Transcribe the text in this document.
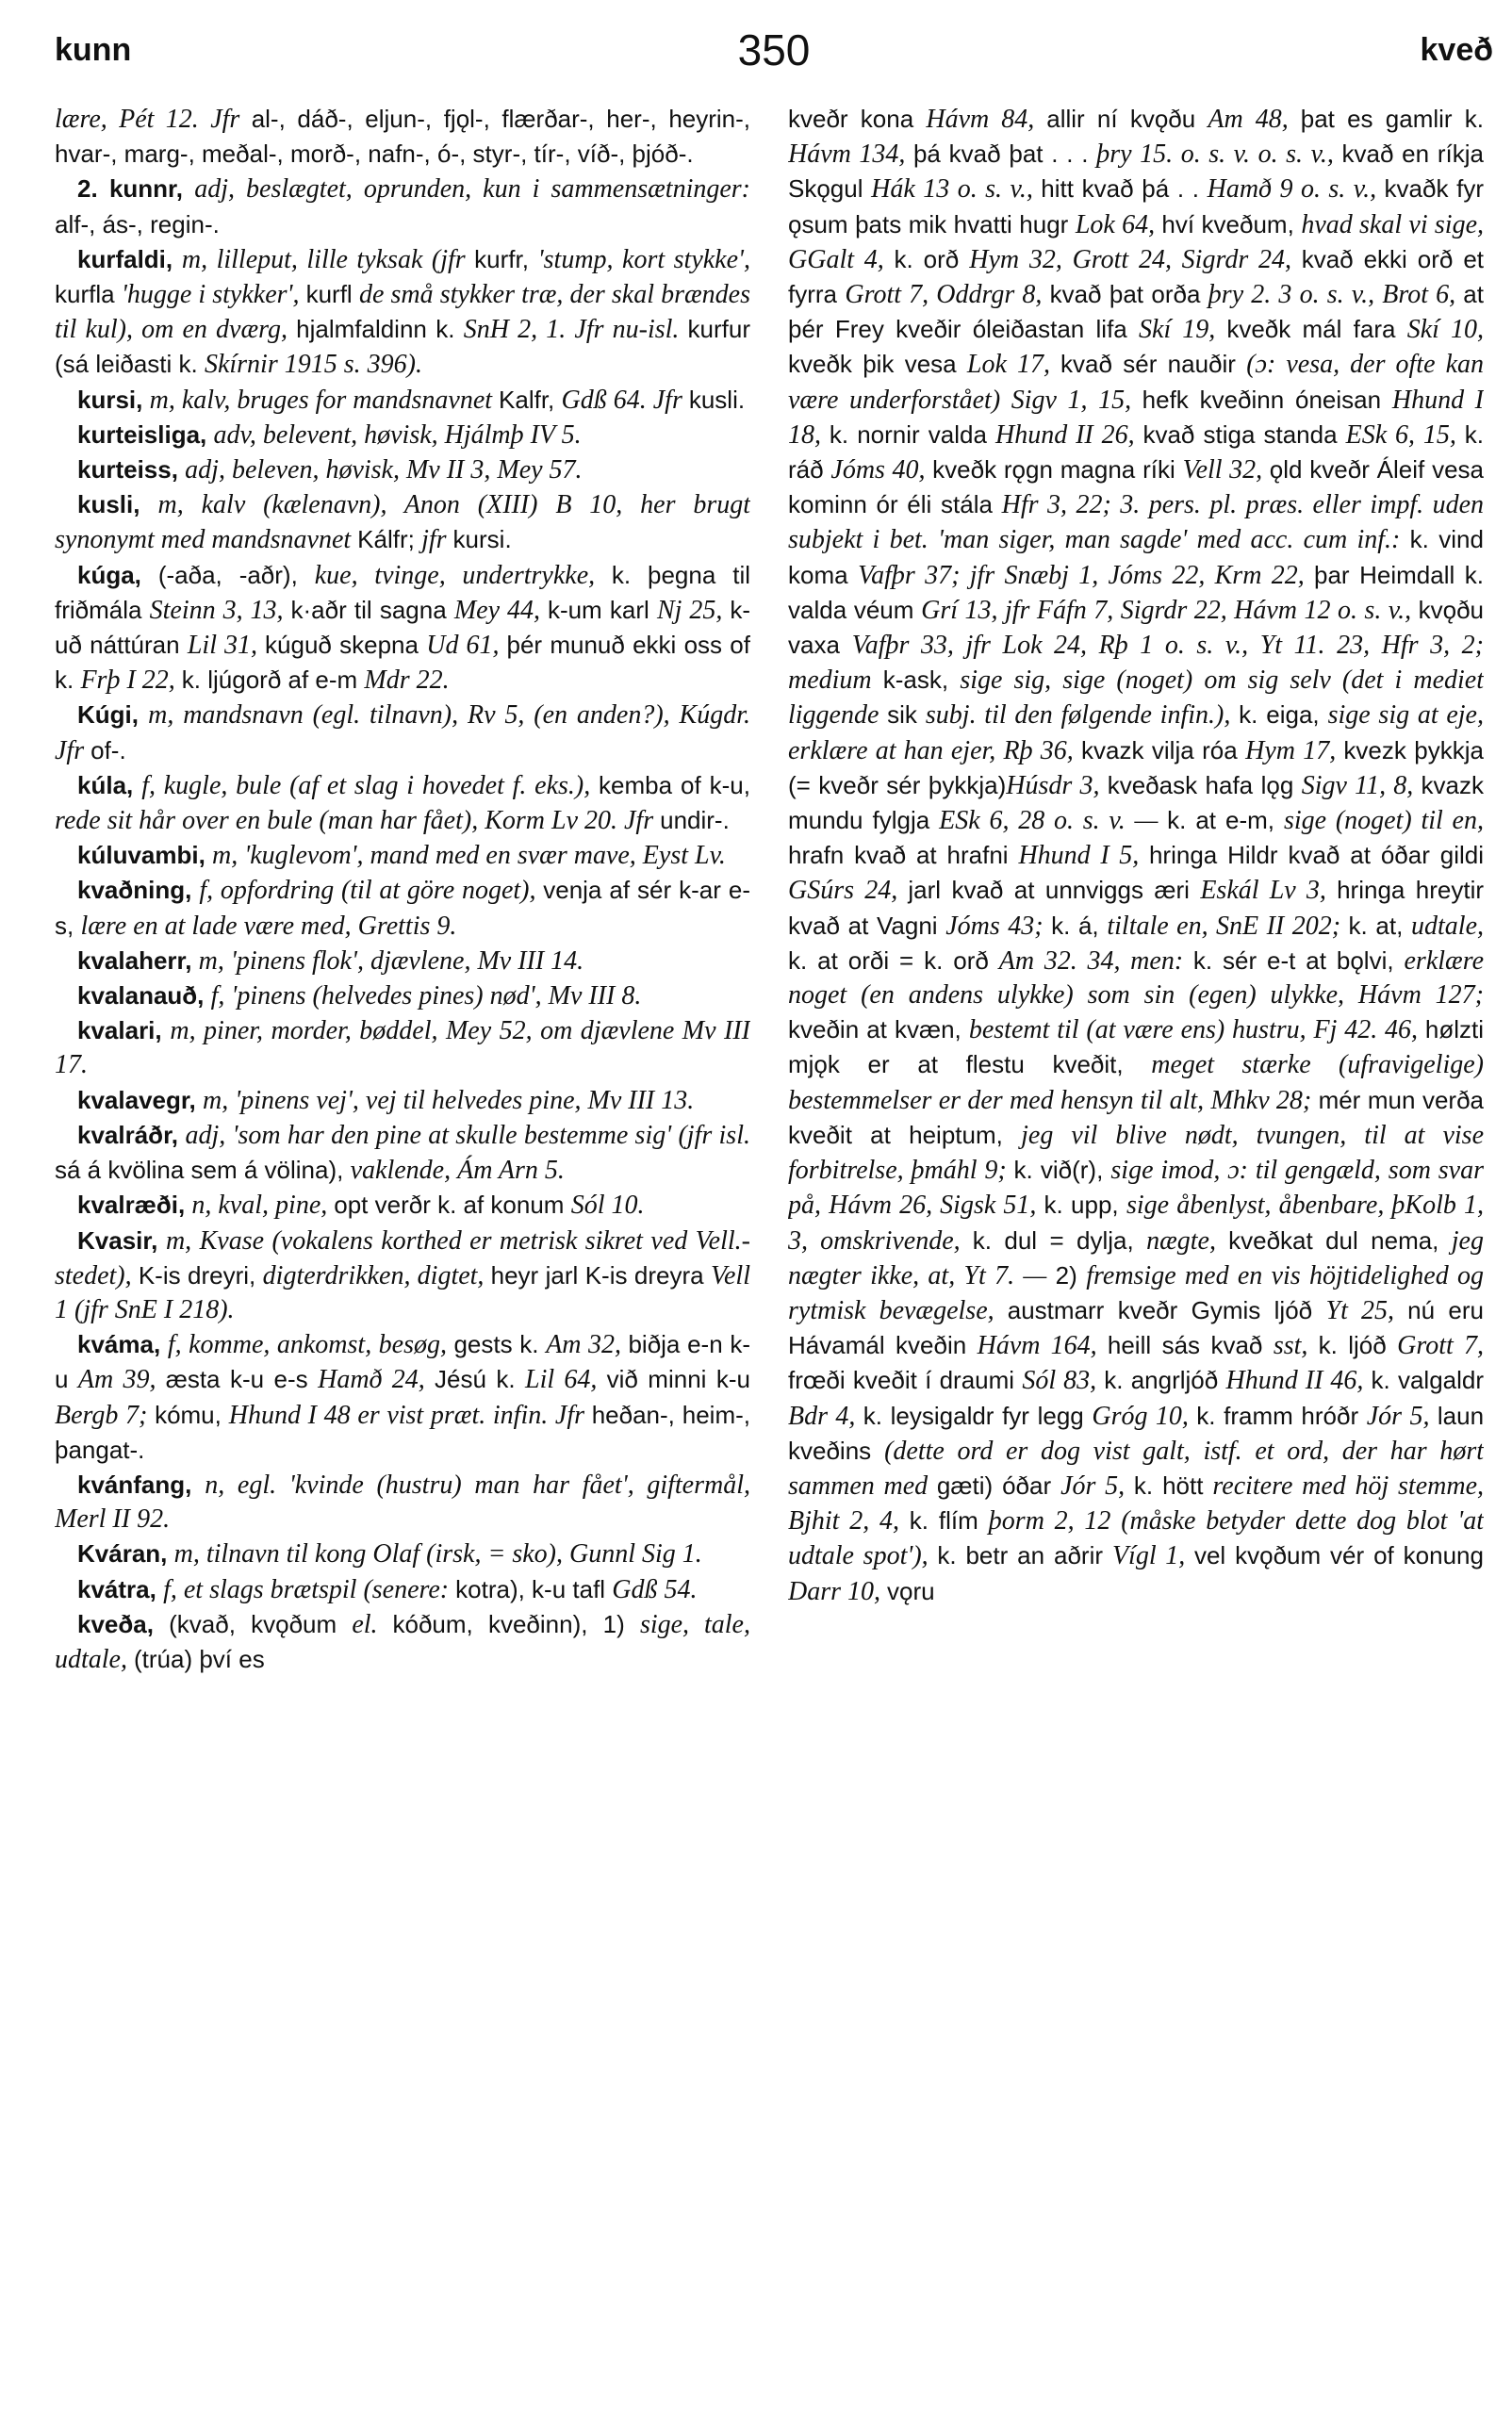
kunn	350	kveð

lære, Pét 12. Jfr al-, dáð-, eljun-, fjǫl-, flærðar-, her-, heyrin-, hvar-, marg-, meðal-, morð-, nafn-, ó-, styr-, tír-, víð-, þjóð-.

2. kunnr, adj, beslægtet, oprunden, kun i sammensætninger: alf-, ás-, regin-.

kurfaldi, m, lilleput, lille tyksak (jfr kurfr, 'stump, kort stykke', kurfla 'hugge i stykker', kurfl de små stykker træ, der skal brændes til kul), om en dværg, hjalmfaldinn k. SnH 2, 1. Jfr nu-isl. kurfur (sá leiðasti k. Skírnir 1915 s. 396).

kursi, m, kalv, bruges for mandsnavnet Kalfr, Gdß 64. Jfr kusli.

kurteisliga, adv, belevent, høvisk, Hjálmþ IV 5.

kurteiss, adj, beleven, høvisk, Mv II 3, Mey 57.

kusli, m, kalv (kælenavn), Anon (XIII) B 10, her brugt synonymt med mandsnavnet Kálfr; jfr kursi.

kúga, (-aða, -aðr), kue, tvinge, undertrykke, k. þegna til friðmála Steinn 3, 13, k·aðr til sagna Mey 44, k-um karl Nj 25, k-uð náttúran Lil 31, kúguð skepna Ud 61, þér munuð ekki oss of k. Frþ I 22, k. ljúgorð af e-m Mdr 22.

Kúgi, m, mandsnavn (egl. tilnavn), Rv 5, (en anden?), Kúgdr. Jfr of-.

kúla, f, kugle, bule (af et slag i hovedet f. eks.), kemba of k-u, rede sit hår over en bule (man har fået), Korm Lv 20. Jfr undir-.

kúluvambi, m, 'kuglevom', mand med en svær mave, Eyst Lv.

kvaðning, f, opfordring (til at göre noget), venja af sér k-ar e-s, lære en at lade være med, Grettis 9.

kvalaherr, m, 'pinens flok', djævlene, Mv III 14.

kvalanauð, f, 'pinens (helvedes pines) nød', Mv III 8.

kvalari, m, piner, morder, bøddel, Mey 52, om djævlene Mv III 17.

kvalavegr, m, 'pinens vej', vej til helvedes pine, Mv III 13.

kvalráðr, adj, 'som har den pine at skulle bestemme sig' (jfr isl. sá á kvölina sem á völina), vaklende, Ám Arn 5.

kvalræði, n, kval, pine, opt verðr k. af konum Sól 10.

Kvasir, m, Kvase (vokalens korthed er metrisk sikret ved Vell.-stedet), K-is dreyri, digterdrikken, digtet, heyr jarl K-is dreyra Vell 1 (jfr SnE I 218).

kváma, f, komme, ankomst, besøg, gests k. Am 32, biðja e-n k-u Am 39, æsta k-u e-s Hamð 24, Jésú k. Lil 64, við minni k-u Bergb 7; kómu, Hhund I 48 er vist præt. infin. Jfr heðan-, heim-, þangat-.

kvánfang, n, egl. 'kvinde (hustru) man har fået', giftermål, Merl II 92.

Kváran, m, tilnavn til kong Olaf (irsk, = sko), Gunnl Sig 1.

kvátra, f, et slags brætspil (senere: kotra), k-u tafl Gdß 54.

kveða, (kvað, kvǫðum el. kóðum, kveðinn), 1) sige, tale, udtale, (trúa) því es

kveðr kona Hávm 84, allir ní kvǫðu Am 48, þat es gamlir k. Hávm 134, þá kvað þat . . . þry 15. o. s. v. o. s. v., kvað en ríkja Skǫgul Hák 13 o. s. v., hitt kvað þá . . Hamð 9 o. s. v., kvaðk fyr ǫsum þats mik hvatti hugr Lok 64, hví kveðum, hvad skal vi sige, GGalt 4, k. orð Hym 32, Grott 24, Sigrdr 24, kvað ekki orð et fyrra Grott 7, Oddrgr 8, kvað þat orða þry 2. 3 o. s. v., Brot 6, at þér Frey kveðir óleiðastan lifa Skí 19, kveðk mál fara Skí 10, kveðk þik vesa Lok 17, kvað sér nauðir (ɔ: vesa, der ofte kan være underforstået) Sigv 1, 15, hefk kveðinn óneisan Hhund I 18, k. nornir valda Hhund II 26, kvað stiga standa ESk 6, 15, k. ráð Jóms 40, kveðk rǫgn magna ríki Vell 32, ǫld kveðr Áleif vesa kominn ór éli stála Hfr 3, 22; 3. pers. pl. præs. eller impf. uden subjekt i bet. 'man siger, man sagde' med acc. cum inf.: k. vind koma Vafþr 37; jfr Snæbj 1, Jóms 22, Krm 22, þar Heimdall k. valda véum Grí 13, jfr Fáfn 7, Sigrdr 22, Hávm 12 o. s. v., kvǫðu vaxa Vafþr 33, jfr Lok 24, Rþ 1 o. s. v., Yt 11. 23, Hfr 3, 2; medium k-ask, sige sig, sige (noget) om sig selv (det i mediet liggende sik subj. til den følgende infin.), k. eiga, sige sig at eje, erklære at han ejer, Rþ 36, kvazk vilja róa Hym 17, kvezk þykkja (= kveðr sér þykkja)Húsdr 3, kveðask hafa lǫg Sigv 11, 8, kvazk mundu fylgja ESk 6, 28 o. s. v. — k. at e-m, sige (noget) til en, hrafn kvað at hrafni Hhund I 5, hringa Hildr kvað at óðar gildi GSúrs 24, jarl kvað at unnviggs æri Eskál Lv 3, hringa hreytir kvað at Vagni Jóms 43; k. á, tiltale en, SnE II 202; k. at, udtale, k. at orði = k. orð Am 32. 34, men: k. sér e-t at bǫlvi, erklære noget (en andens ulykke) som sin (egen) ulykke, Hávm 127; kveðin at kvæn, bestemt til (at være ens) hustru, Fj 42. 46, hølzti mjǫk er at flestu kveðit, meget stærke (ufravigelige) bestemmelser er der med hensyn til alt, Mhkv 28; mér mun verða kveðit at heiptum, jeg vil blive nødt, tvungen, til at vise forbitrelse, þmáhl 9; k. við(r), sige imod, ɔ: til gengæld, som svar på, Hávm 26, Sigsk 51, k. upp, sige åbenlyst, åbenbare, þKolb 1, 3, omskrivende, k. dul = dylja, nægte, kveðkat dul nema, jeg nægter ikke, at, Yt 7. — 2) fremsige med en vis höjtidelighed og rytmisk bevægelse, austmarr kveðr Gymis ljóð Yt 25, nú eru Hávamál kveðin Hávm 164, heill sás kvað sst, k. ljóð Grott 7, frœði kveðit í draumi Sól 83, k. angrljóð Hhund II 46, k. valgaldr Bdr 4, k. leysigaldr fyr legg Gróg 10, k. framm hróðr Jór 5, laun kveðins (dette ord er dog vist galt, istf. et ord, der har hørt sammen med gæti) óðar Jór 5, k. hött recitere med höj stemme, Bjhit 2, 4, k. flím þorm 2, 12 (måske betyder dette dog blot 'at udtale spot'), k. betr an aðrir Vígl 1, vel kvǫðum vér of konung Darr 10, vǫru
